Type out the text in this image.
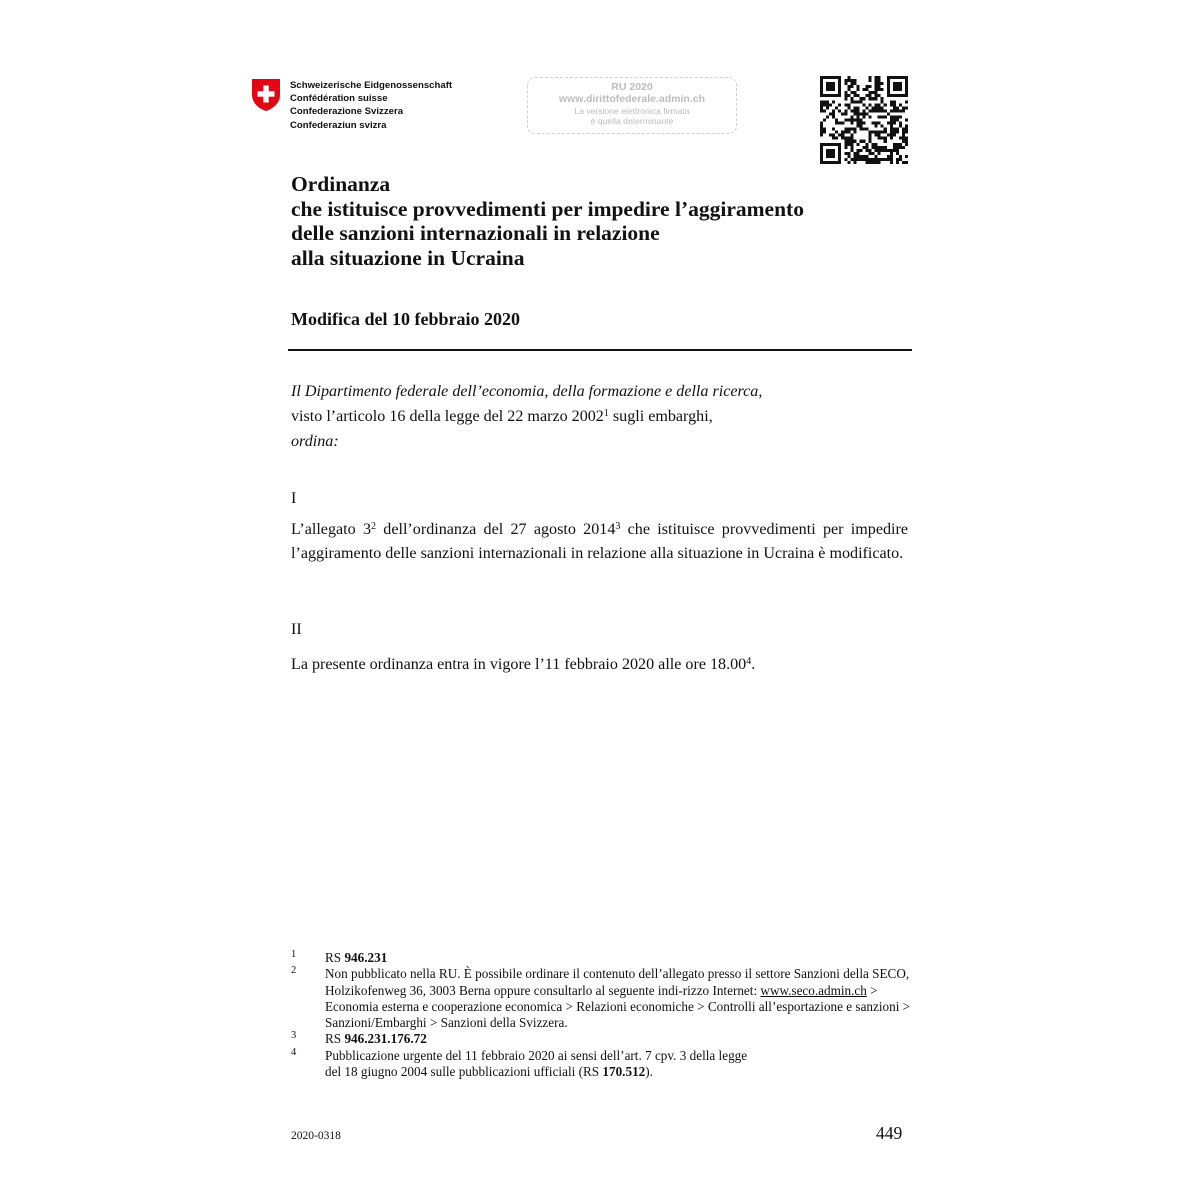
Schweizerische Eidgenossenschaft
Confédération suisse
Confederazione Svizzera
Confederaziun svizra
RU 2020
www.dirittofederale.admin.ch
La versione elettronica firmata
è quella determinante
Ordinanza
che istituisce provvedimenti per impedire l’aggiramento
delle sanzioni internazionali in relazione
alla situazione in Ucraina
Modifica del 10 febbraio 2020
Il Dipartimento federale dell’economia, della formazione e della ricerca,
visto l’articolo 16 della legge del 22 marzo 2002$^1$ sugli embarghi,
ordina:
I
L’allegato $3^2$ dell’ordinanza del 27 agosto 2014$^3$ che istituisce provvedimenti per impedire l’aggiramento delle sanzioni internazionali in relazione alla situazione in Ucraina è modificato.
II
La presente ordinanza entra in vigore l’11 febbraio 2020 alle ore 18.00$^4$.
1	RS 946.231
2	Non pubblicato nella RU. È possibile ordinare il contenuto dell’allegato presso il settore Sanzioni della SECO, Holzikofenweg 36, 3003 Berna oppure consultarlo al seguente indi-rizzo Internet: www.seco.admin.ch > Economia esterna e cooperazione economica > Relazioni economiche > Controlli all’esportazione e sanzioni > Sanzioni/Embarghi > Sanzioni della Svizzera.
3	RS 946.231.176.72
4	Pubblicazione urgente del 11 febbraio 2020 ai sensi dell’art. 7 cpv. 3 della legge
del 18 giugno 2004 sulle pubblicazioni ufficiali (RS 170.512).
2020-0318	449
